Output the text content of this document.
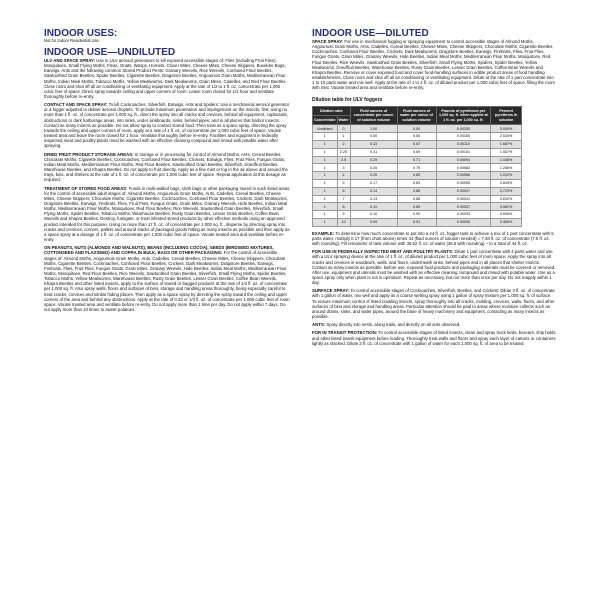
INDOOR USES:

Not for Indoor Residential Use.

INDOOR USE—UNDILUTED

ULV AND SPACE SPRAY: Use in ULV aerosol generators to kill exposed accessible stages of: Flies (including Fruit Flies), Mosquitoes, Small Flying Moths, Fleas, Gnats, Wasps, Hornets, Clover Mites, Cheese Mites, Cheese Skippers, Boxelder Bugs, Earwigs, Ants and the following common Stored Product Pests: Granary Weevils, Rice Weevils, Confused Flour Beetles, Sawtoothed Grain Beetles, Spider Beetles, Cigarette Beetles, Dragstore Beetles, Angoumois Grain Moths, Mediterranean Flour Moths, Indian Meal Moths, Tobacco Moths, Yellow Mealworms, Dark Mealworms, Grain Mites, Cadelles, and Red Flour Beetles. Close room and shut off all air conditioning or ventilating equipment. Apply at the rate of 1/2 to 1 fl. oz. concentrate per 1,000 cubic feet of space. Direct spray towards ceiling and upper corners of room. Leave room closed for 1/2 hour and ventilate thoroughly before re-entry.

CONTACT AND SPACE SPRAY: To kill Cockroaches, Silverfish, Earwigs, Ants and Spiders: Use a mechanical aerosol generator or a fogger adjusted to deliver aerosol droplets. To provide maximum penetration and impingement on the insects, first, using no more than 1 fl. oz. of concentrate per 1,000 sq. ft., direct the spray into all cracks and crevices, behind all equipment, cupboards, obstructions or dark harborage areas, into sinks, under sinkboards, sinks, behind pipes, and in all places that harbor insects. Contact as many insects as possible. Do not allow spray to contact stored food. Then treat as a space spray, directing the spray towards the ceiling and upper corners of room, apply at a rate of 1 fl. oz. of concentrate per 1,000 cubic feet of space. Vacate treated area and leave the room closed for 1 hour. Ventilate thoroughly before re-entry. Facilities and equipment in federally inspected meat and poultry plants must be washed with an effective cleaning compound and rinsed with potable water after spraying.

DRIED FRUIT PRODUCT STORAGE AREAS: In storage or in processing for control of Almond Moths, Ants, Cereal Beetles, Chocolate Moths, Cigarette Beetles, Cockroaches, Confused Flour Beetles, Crickets, Earwigs, Flies, Fruit Flies, Fungus Gnats, Indian Meal Moths, Mediterranean Flour Moths, Red Flour Beetles, Sawtoothed Grain Beetles, Silverfish, Driedfruit Beetles, Warehouse Beetles, and Khapra Beetles. Do not apply to fruit directly. Apply as a fine mist or fog in the air above and around the trays, bins, and shelves at the rate of 1 fl. oz. of concentrate per 1,000 cubic feet of space. Repeat application at this dosage as required.

TREATMENT OF STORED FOOD AREAS: Foods in multi-walled bags, cloth bags or other packaging stored in such listed areas for the control of accessible adult stages of: Almond Moths, Angoumois Grain Moths, Ants, Cadelles, Cereal Beetles, Cheese Mites, Cheese Skippers, Chocolate Moths, Cigarette Beetles, Cockroaches, Confused Flour Beetles, Crickets, Dark Mealworms, Dragstore Beetles, Earwigs, Firebrats, Flies, Fruit Flies, Fungus Gnats, Grain Mites, Granary Weevils, Hide Beetles, Indian Meal Moths, Mediterranean Flour Moths, Mosquitoes, Red Flour Beetles, Rice Weevils, Sawtoothed Grain Beetles, Silverfish, Small Flying Moths, Spider Beetles, Tobacco Moths, Warehouse Beetles, Rusty Grain Beetles, Lesser Grain Beetles, Coffee Bean Weevils and Khapra Beetles. Destroy, fumigate, or treat infested stored products by other effective methods using an approved product intended for this purpose. Using no more than 17 fl. oz. of concentrate per 1,000 sq. ft., disperse by directing spray into cracks and crevices, corners, pallets and around stacks of packaged goods hitting as many insects as possible and then apply as a space spray at a dosage of 1 fl. oz. of concentrate per 1,000 cubic feet of space. Vacate treated area and ventilate before re-entry.

ON PEANUTS, NUTS (ALMONDS AND WALNUTS), BEANS (INCLUDING COCOA), SEEDS (BIRDSEED MIXTURES, COTTONSEED AND FLAXSEED) AND COPRA IN BULK, BAGS OR OTHER PACKAGING: For the control of accessible stages of: Almond Moths, Angoumois Grain Moths, Ants, Cadelles, Cereal Beetles, Cheese Mites, Cheese Skippers, Chocolate Moths, Cigarette Beetles, Cockroaches, Confused Flour Beetles, Crickets, Dark Mealworms, Dragstore Beetles, Earwigs, Firebrats, Flies, Fruit Flies, Fungus Gnats, Grain Mites, Granary Weevils, Hide Beetles, Indian Meal Moths, Mediterranean Flour Moths, Mosquitoes, Red Flour Beetles, Rice Weevils, Sawtoothed Grain Beetles, Silverfish, Small Flying Moths, Spider Beetles, Tobacco Moths, Yellow Mealworms, Warehouse Beetles, Rusty Grain Beetles, Lesser Grain Beetles, Coffee Bean Weevils, Khapra Beetles and other listed insects, apply to the surface of stored or bagged products at the rate of 1/4 fl. oz. of concentrate per 1,000 sq. ft. Also spray walls, floors and surfaces of bins, storage and handling areas thoroughly, being especially careful to treat cracks, crevices and similar hiding places. Then apply as a space spray by directing the spray toward the ceiling and upper corners of the area and behind any obstructions. Apply at the rate of 0.33 or 1/3 fl. oz. of concentrate per 1,000 cubic feet of room space. Vacate treated area and ventilate before re-entry. Do not apply more than 1 time per day. Do not apply within 7 days. Do not apply more than 10 times to sweet potatoes.

INDOOR USE—DILUTED

SPACE SPRAY: For use in mechanical fogging or spraying equipment to control accessible stages of Almond Moths, Angoumois Grain Moths, Ants, Cadelles, Cereal Beetles, Cheese Mites, Cheese Skippers, Chocolate Moths, Cigarette Beetles, Cockroaches, Confused Flour Beetles, Crickets, Dark Mealworms, Dragstore Beetles, Earwigs, Firebrats, Flies, Fruit Flies, Fungus Gnats, Grain Mites, Granary Weevils, Hide Beetles, Indian Meal Moths, Mediterranean Flour Moths, Mosquitoes, Red Flour Beetles, Rice Weevils, Sawtoothed Grain Beetles, Silverfish, Small Flying Moths, Spiders, Spider Beetles, Yellow Mealworms, Driedfruit Beetles, Warehouse Beetles, Rusty Grain Beetles, Lesser Grain Beetles, Coffee Bean Weevils and Khapra Beetles. Remove or cover exposed food and cover food-handling surfaces in edible product areas of food handling establishments. Close room and shut off all air conditioning or ventilating equipment. Dilute at the rate of 1 part concentrate into 1 to 10 parts water and mix well. Apply at the rate of 1 to 2 fl. oz. of diluted product per 1,000 cubic feet of space, filling the room with mist. Vacate treated area and ventilate before re-entry.

Dilution table for ULV foggers

Dilution ratio		Fluid ounces of concentrate per ounce of solution volume	Fluid ounces of water per ounce of solution volume	Pounds of pyrethrum per 1,000 sq. ft. when applied at 1 fl. oz. per 1,000 cu. ft.	Percent pyrethrins in solution
Concentrate	Water				
Undiluted	0	1.00	0.00	0.00330	5.000%
1	1	0.50	0.50	0.00165	2.530%
1	2	0.33	0.67	0.00110	1.687%
1	2.25	0.31	0.69	0.00101	1.557%
1	2.5	0.29	0.71	0.00094	1.446%
1	3	0.25	0.75	0.00082	1.265%
1	4	0.20	0.80	0.00066	1.012%
1	5	0.17	0.83	0.00055	0.843%
1	6	0.14	0.86	0.00047	0.723%
1	7	0.13	0.88	0.00041	0.632%
1	8	0.11	0.89	0.00037	0.562%
1	9	0.10	0.90	0.00033	0.506%
1	10	0.09	0.91	0.00030	0.460%

EXAMPLE: To determine how much concentrate to put into a 44 fl. oz. fogger tank to achieve a mix of 1 part concentrate with 5 parts water, multiply 0.17 (from chart above) times 44 (fluid ounces of solution needed) = 7.48 fl. oz. of concentrate (7.5 fl. oz. with rounding). Fill remainder of tank volume with 36.52 fl. oz. of water (36.5 with rounding) – to a total of 44 fl. oz.

FOR USE IN FEDERALLY INSPECTED MEAT AND POULTRY PLANTS: Dilute 1 part concentrate with 4 parts water and use with a ULV spraying device at the rate of 1 fl. oz. of diluted product per 1,000 cubic feet of room space. Apply the spray into all cracks and crevices in woodwork, walls, and floors, underneath sinks, behind pipes and in all places that shelter insects. Contact as many insects as possible. Before use, exposed food products and packaging materials must be covered or removed. After use, equipment and utensils must be washed with an effective cleaning compound and rinsed with potable water. Use as a space spray only when plant is not in operation. Repeat as necessary, but not more than once per day. Do not reapply within 1 day.

SURFACE SPRAY: To control accessible stages of Cockroaches, Silverfish, Beetles, and Crickets: Dilute 3 fl. oz. of concentrate with 1 gallon of water, mix well and apply as a coarse wetting spray using 1 gallon of spray mixture per 1,000 sq. ft. of surface. To ensure maximum control of listed crawling insects, spray thoroughly into all cracks, molding, crevices, walls, floors, and other surfaces of bins and storage and handling areas. Particular attention should be paid to areas where moisture collects such as around drains, sinks, and water pipes, around the base of heavy machinery and equipment, contacting as many insects as possible.

ANTS: Spray directly into nests, along trails, and directly on all ants observed.

FOR IN TRANSIT PROTECTION: To control accessible stages of listed insects, clean and spray truck beds, boxcars, ship holds and other listed transit equipment before loading. Thoroughly treat walls and floors and spray each layer of cartons or containers lightly as stacked. Dilute 3 fl. oz. of concentrate with 1 gallon of water for each 1,000 sq. ft. of area to be treated.
